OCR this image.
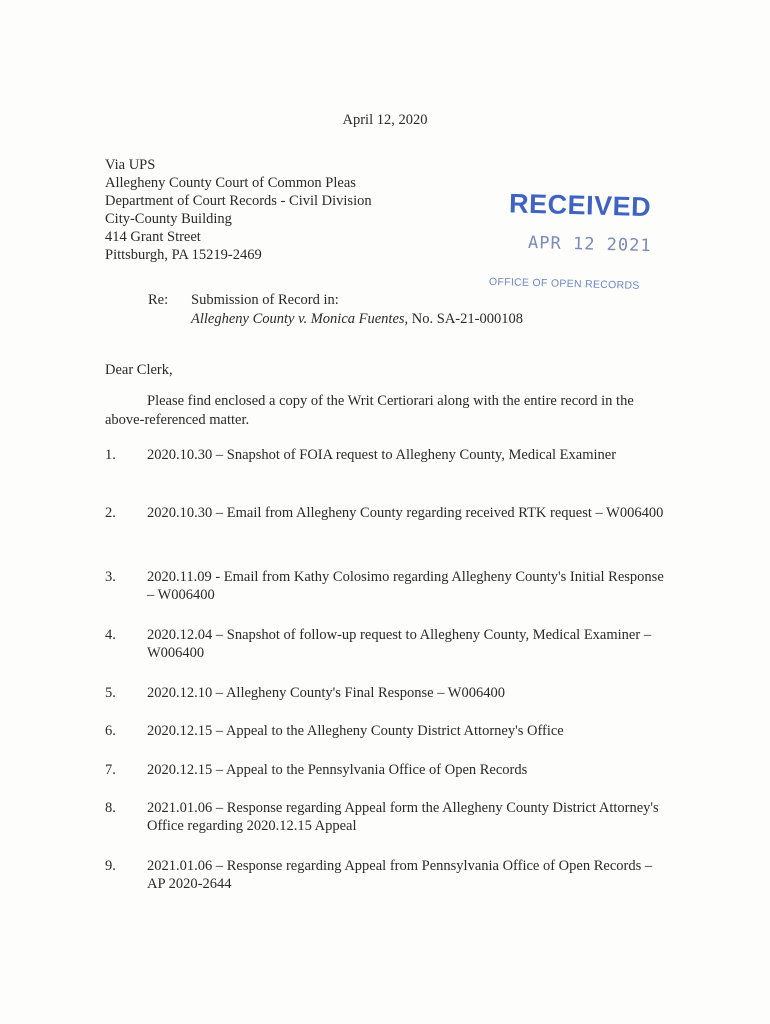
April 12, 2020
Via UPS
Allegheny County Court of Common Pleas
Department of Court Records - Civil Division
City-County Building
414 Grant Street
Pittsburgh, PA 15219-2469
RECEIVED
APR 12 2021
OFFICE OF OPEN RECORDS
Re: Submission of Record in:
Allegheny County v. Monica Fuentes, No. SA-21-000108
Dear Clerk,
Please find enclosed a copy of the Writ Certiorari along with the entire record in the above-referenced matter.
1. 2020.10.30 – Snapshot of FOIA request to Allegheny County, Medical Examiner
2. 2020.10.30 – Email from Allegheny County regarding received RTK request – W006400
3. 2020.11.09 - Email from Kathy Colosimo regarding Allegheny County's Initial Response – W006400
4. 2020.12.04 – Snapshot of follow-up request to Allegheny County, Medical Examiner – W006400
5. 2020.12.10 – Allegheny County's Final Response – W006400
6. 2020.12.15 – Appeal to the Allegheny County District Attorney's Office
7. 2020.12.15 – Appeal to the Pennsylvania Office of Open Records
8. 2021.01.06 – Response regarding Appeal form the Allegheny County District Attorney's Office regarding 2020.12.15 Appeal
9. 2021.01.06 – Response regarding Appeal from Pennsylvania Office of Open Records – AP 2020-2644
